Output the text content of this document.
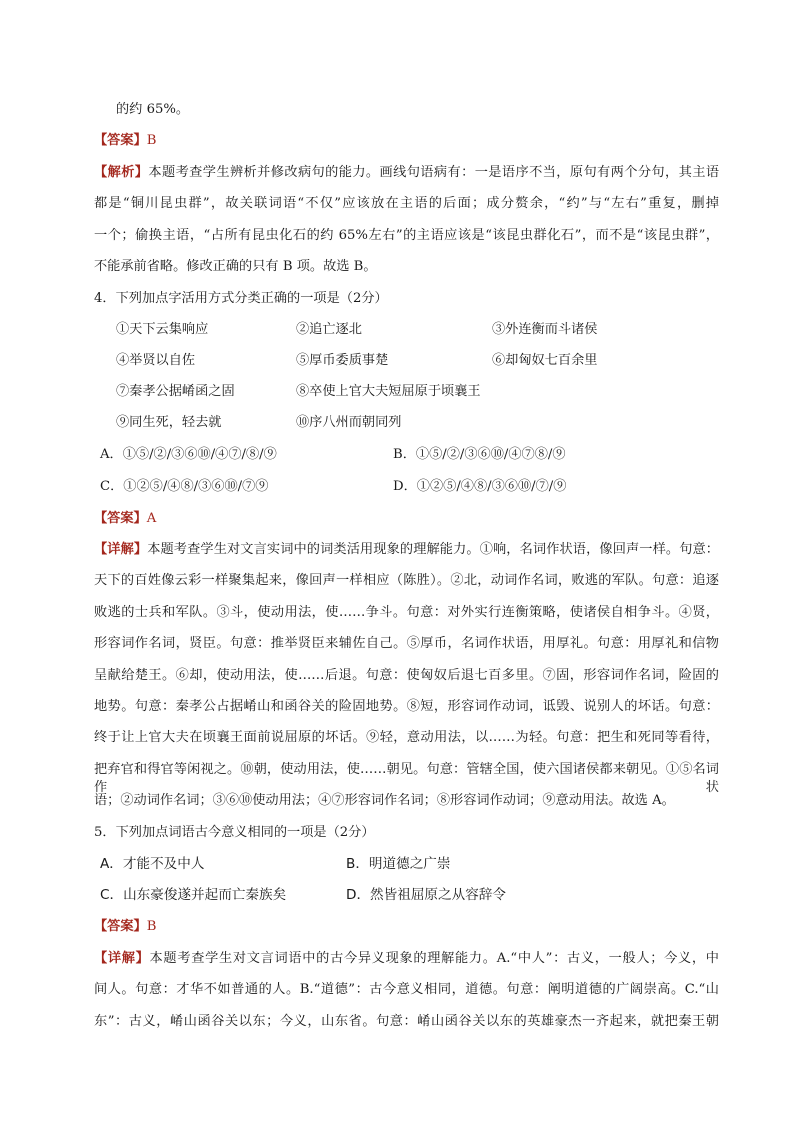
的约 65%。
【答案】B
【解析】本题考查学生辨析并修改病句的能力。画线句语病有：一是语序不当，原句有两个分句，其主语
都是“铜川昆虫群”，故关联词语“不仅”应该放在主语的后面；成分赘余，“约”与“左右”重复，删掉
一个；偷换主语，“占所有昆虫化石的约 65%左右”的主语应该是“该昆虫群化石”，而不是“该昆虫群”，
不能承前省略。修改正确的只有 B 项。故选 B。
4．下列加点字活用方式分类正确的一项是（2分）
①天下云集响应	②追亡逐北	③外连衡而斗诸侯
④举贤以自佐	⑤厚币委质事楚	⑥却匈奴七百余里
⑦秦孝公据崤函之固	⑧卒使上官大夫短屈原于顷襄王
⑨同生死，轻去就	⑩序八州而朝同列
A．①⑤/②/③⑥⑩/④⑦/⑧/⑨	B．①⑤/②/③⑥⑩/④⑦⑧/⑨
C．①②⑤/④⑧/③⑥⑩/⑦⑨	D．①②⑤/④⑧/③⑥⑩/⑦/⑨
【答案】A
【详解】本题考查学生对文言实词中的词类活用现象的理解能力。①响，名词作状语，像回声一样。句意：
天下的百姓像云彩一样聚集起来，像回声一样相应（陈胜）。②北，动词作名词，败逃的军队。句意：追逐
败逃的士兵和军队。③斗，使动用法，使……争斗。句意：对外实行连衡策略，使诸侯自相争斗。④贤，
形容词作名词，贤臣。句意：推举贤臣来辅佐自己。⑤厚币，名词作状语，用厚礼。句意：用厚礼和信物
呈献给楚王。⑥却，使动用法，使……后退。句意：使匈奴后退七百多里。⑦固，形容词作名词，险固的
地势。句意：秦孝公占据崤山和函谷关的险固地势。⑧短，形容词作动词，诋毁、说别人的坏话。句意：
终于让上官大夫在顷襄王面前说屈原的坏话。⑨轻，意动用法，以……为轻。句意：把生和死同等看待，
把弃官和得官等闲视之。⑩朝，使动用法，使……朝见。句意：管辖全国，使六国诸侯都来朝见。①⑤名词作状
语；②动词作名词；③⑥⑩使动用法；④⑦形容词作名词；⑧形容词作动词；⑨意动用法。故选 A。
5．下列加点词语古今意义相同的一项是（2分）
A．才能不及中人	B．明道德之广崇
C．山东豪俊遂并起而亡秦族矣	D．然皆祖屈原之从容辞令
【答案】B
【详解】本题考查学生对文言词语中的古今异义现象的理解能力。A.“中人”：古义，一般人；今义，中
间人。句意：才华不如普通的人。B.“道德”：古今意义相同，道德。句意：阐明道德的广阔崇高。C.“山
东”：古义，崤山函谷关以东；今义，山东省。句意：崤山函谷关以东的英雄豪杰一齐起来，就把秦王朝
